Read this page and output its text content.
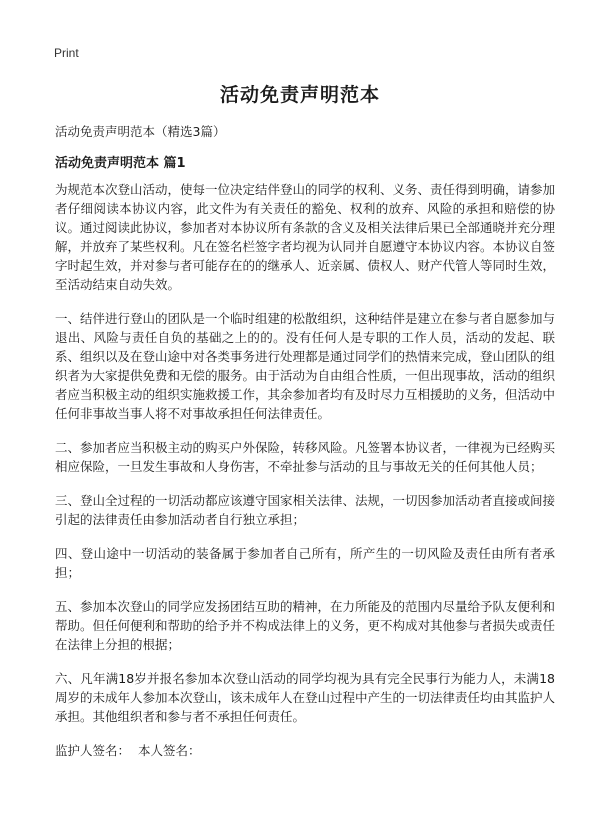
Print
活动免责声明范本

活动免责声明范本（精选3篇）

活动免责声明范本 篇1

为规范本次登山活动，使每一位决定结伴登山的同学的权利、义务、责任得到明确，请参加者仔细阅读本协议内容，此文件为有关责任的豁免、权利的放弃、风险的承担和赔偿的协议。通过阅读此协议，参加者对本协议所有条款的含义及相关法律后果已全部通晓并充分理解，并放弃了某些权利。凡在签名栏签字者均视为认同并自愿遵守本协议内容。本协议自签字时起生效，并对参与者可能存在的的继承人、近亲属、债权人、财产代管人等同时生效，至活动结束自动失效。

一、结伴进行登山的团队是一个临时组建的松散组织，这种结伴是建立在参与者自愿参加与退出、风险与责任自负的基础之上的的。没有任何人是专职的工作人员，活动的发起、联系、组织以及在登山途中对各类事务进行处理都是通过同学们的热情来完成，登山团队的组织者为大家提供免费和无偿的服务。由于活动为自由组合性质，一但出现事故，活动的组织者应当积极主动的组织实施救援工作，其余参加者均有及时尽力互相援助的义务，但活动中任何非事故当事人将不对事故承担任何法律责任。

二、参加者应当积极主动的购买户外保险，转移风险。凡签署本协议者，一律视为已经购买相应保险，一旦发生事故和人身伤害，不牵扯参与活动的且与事故无关的任何其他人员；

三、登山全过程的一切活动都应该遵守国家相关法律、法规，一切因参加活动者直接或间接引起的法律责任由参加活动者自行独立承担；

四、登山途中一切活动的装备属于参加者自己所有，所产生的一切风险及责任由所有者承担；

五、参加本次登山的同学应发扬团结互助的精神，在力所能及的范围内尽量给予队友便利和帮助。但任何便利和帮助的给予并不构成法律上的义务，更不构成对其他参与者损失或责任在法律上分担的根据；

六、凡年满18岁并报名参加本次登山活动的同学均视为具有完全民事行为能力人，未满18周岁的未成年人参加本次登山，该未成年人在登山过程中产生的一切法律责任均由其监护人承担。其他组织者和参与者不承担任何责任。

监护人签名： 本人签名：
